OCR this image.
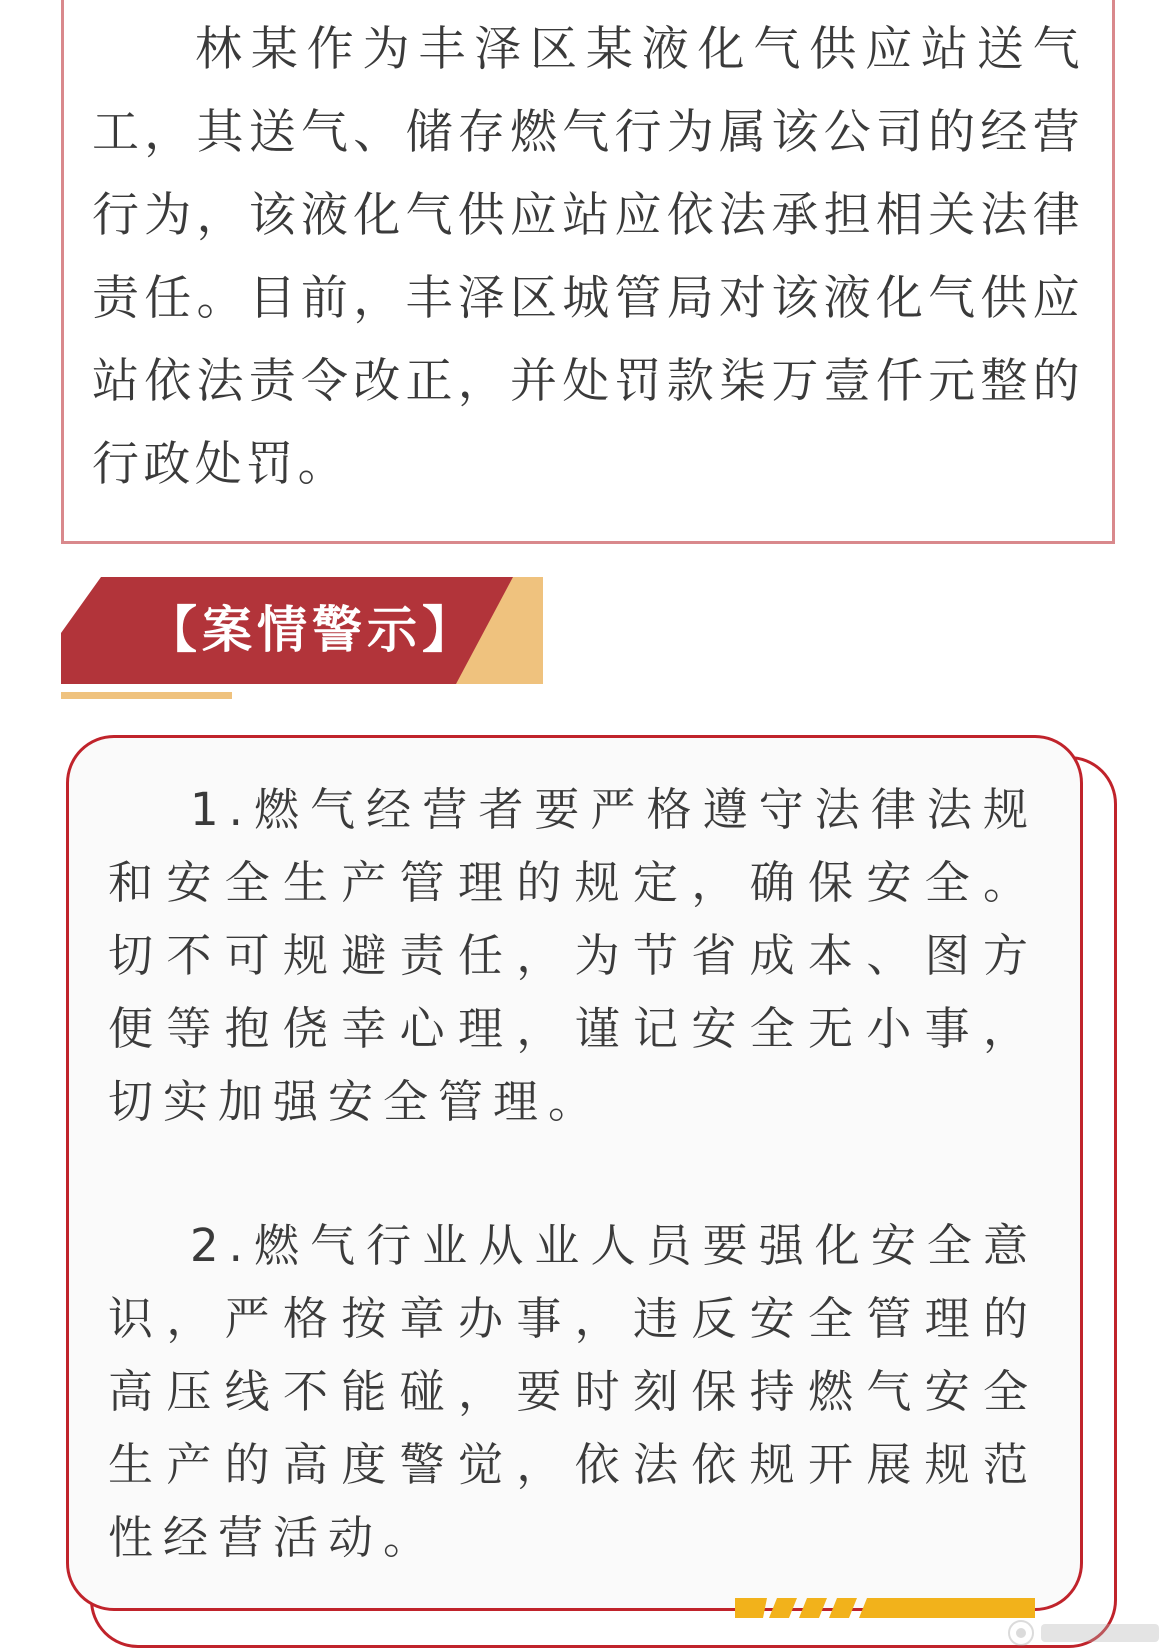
林某作为丰泽区某液化气供应站送气工，其送气、储存燃气行为属该公司的经营行为，该液化气供应站应依法承担相关法律责任。目前，丰泽区城管局对该液化气供应站依法责令改正，并处罚款柒万壹仟元整的行政处罚。

【案情警示】

1.燃气经营者要严格遵守法律法规和安全生产管理的规定，确保安全。切不可规避责任，为节省成本、图方便等抱侥幸心理，谨记安全无小事，切实加强安全管理。

2.燃气行业从业人员要强化安全意识，严格按章办事，违反安全管理的高压线不能碰，要时刻保持燃气安全生产的高度警觉，依法依规开展规范性经营活动。
